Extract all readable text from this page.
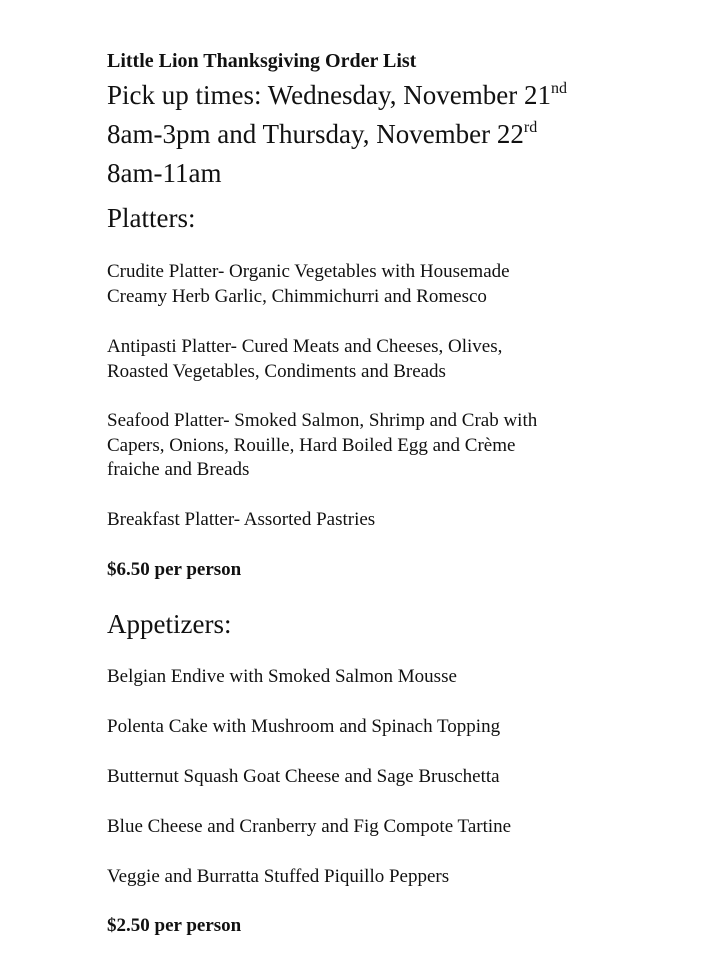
Little Lion Thanksgiving Order List
Pick up times: Wednesday, November 21nd
8am-3pm and Thursday, November 22rd
8am-11am
Platters:
Crudite Platter- Organic Vegetables with Housemade
Creamy Herb Garlic, Chimmichurri and Romesco
Antipasti Platter- Cured Meats and Cheeses, Olives,
Roasted Vegetables, Condiments and Breads
Seafood Platter- Smoked Salmon, Shrimp and Crab with
Capers, Onions, Rouille, Hard Boiled Egg and Crème
fraiche and Breads
Breakfast Platter- Assorted Pastries
$6.50 per person
Appetizers:
Belgian Endive with Smoked Salmon Mousse
Polenta Cake with Mushroom and Spinach Topping
Butternut Squash Goat Cheese and Sage Bruschetta
Blue Cheese and Cranberry and Fig Compote Tartine
Veggie and Burratta Stuffed Piquillo Peppers
$2.50 per person
